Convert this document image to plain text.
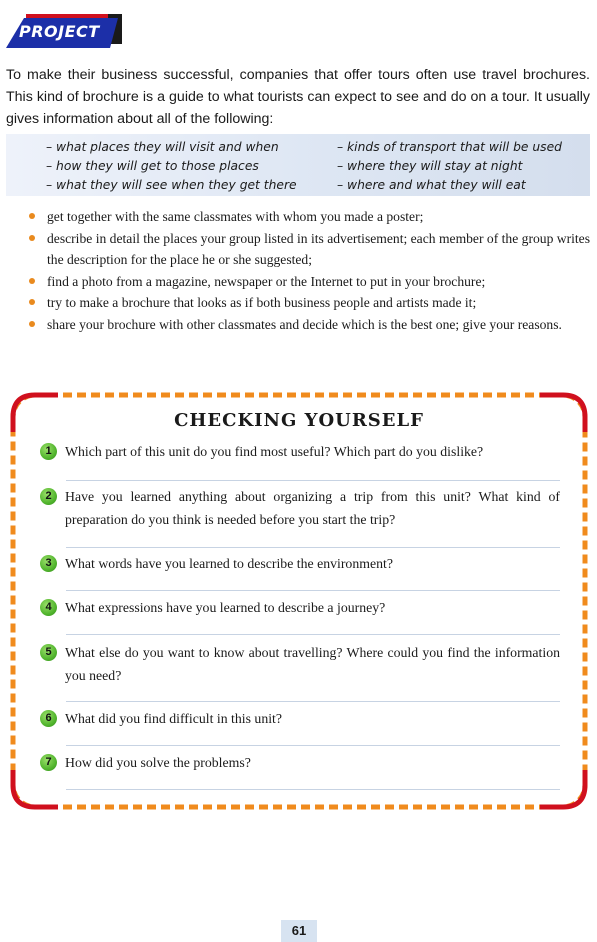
PROJECT

To make their business successful, companies that offer tours often use travel brochures. This kind of brochure is a guide to what tourists can expect to see and do on a tour. It usually gives information about all of the following:

– what places they will visit and when
– how they will get to those places
– what they will see when they get there
– kinds of transport that will be used
– where they will stay at night
– where and what they will eat
get together with the same classmates with whom you made a poster;
describe in detail the places your group listed in its advertisement; each member of the group writes the description for the place he or she suggested;
find a photo from a magazine, newspaper or the Internet to put in your brochure;
try to make a brochure that looks as if both business people and artists made it;
share your brochure with other classmates and decide which is the best one; give your reasons.
CHECKING YOURSELF
1 Which part of this unit do you find most useful? Which part do you dislike?
2 Have you learned anything about organizing a trip from this unit? What kind of preparation do you think is needed before you start the trip?
3 What words have you learned to describe the environment?
4 What expressions have you learned to describe a journey?
5 What else do you want to know about travelling? Where could you find the information you need?
6 What did you find difficult in this unit?
7 How did you solve the problems?
61
